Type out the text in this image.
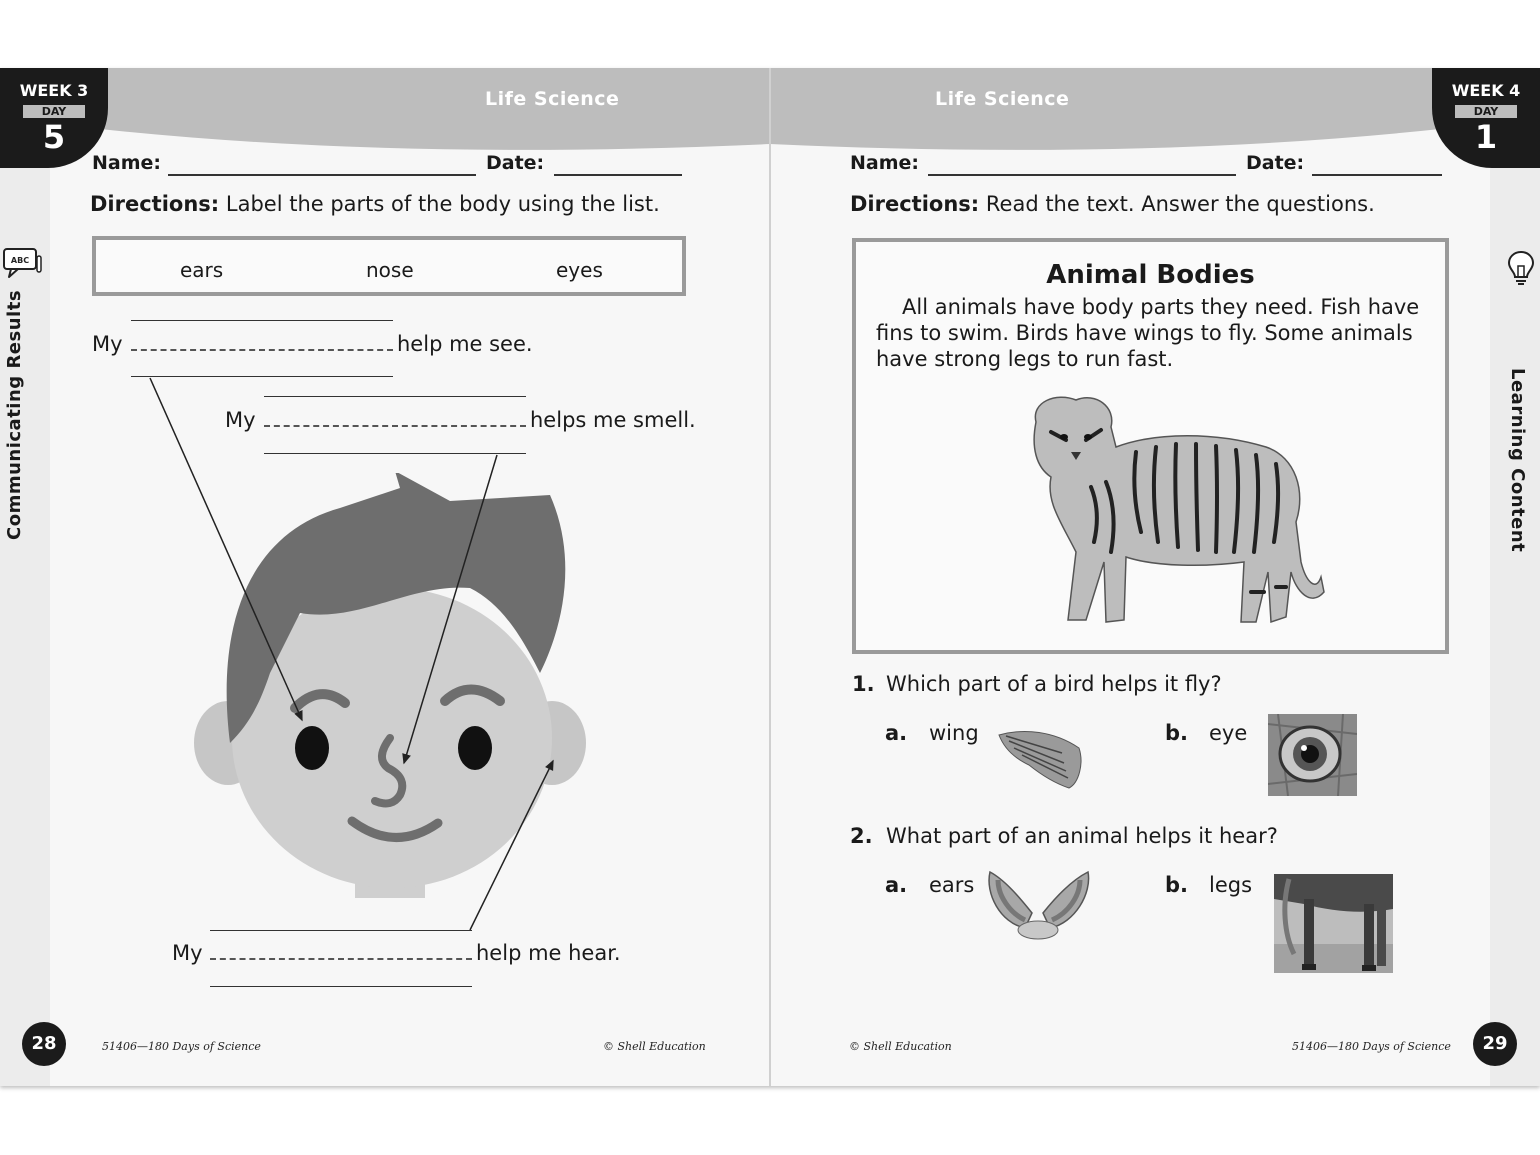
Life Science
WEEK 3
DAY
5
ABC
Communicating Results
Name:	Date:
Directions: Label the parts of the body using the list.
ears	nose	eyes
My	help me see.
My	helps me smell.
My	help me hear.
28	51406—180 Days of Science	© Shell Education
Life Science	WEEK 4
DAY
1
Learning Content
Name:	Date:
Directions: Read the text. Answer the questions.
Animal Bodies
All animals have body parts they need. Fish have fins to swim. Birds have wings to fly. Some animals have strong legs to run fast.
1. Which part of a bird helps it fly?
a. wing	b. eye
2. What part of an animal helps it hear?
a. ears	b. legs
29
© Shell Education	51406—180 Days of Science
